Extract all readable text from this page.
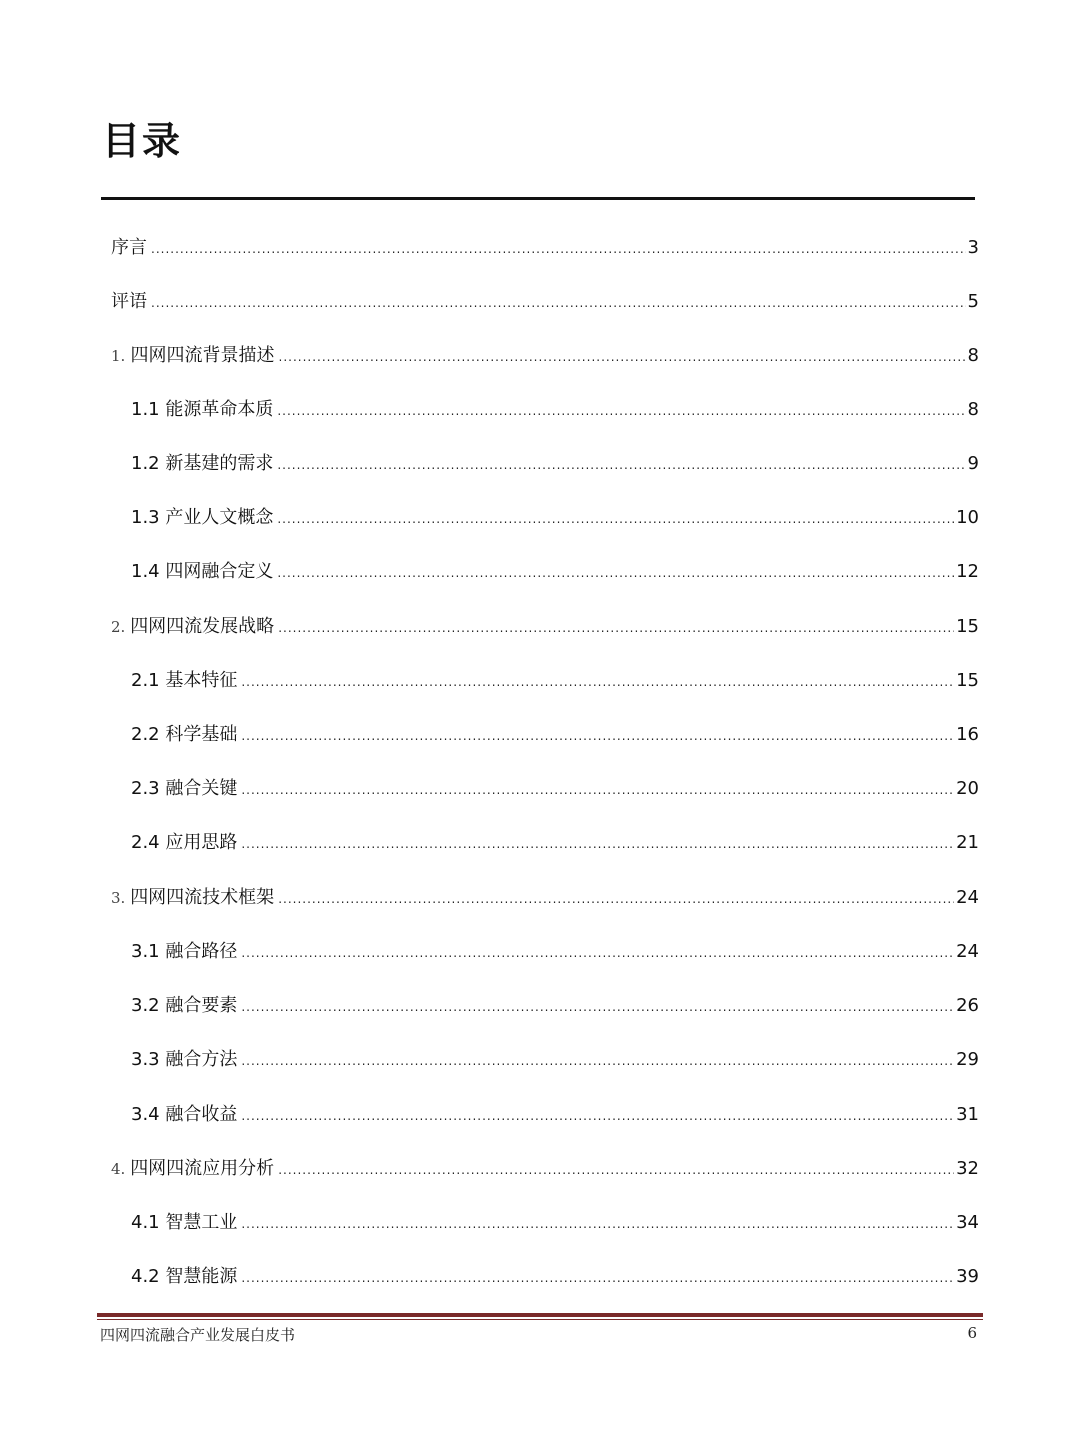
目录
序言 .....	3
评语 .....	5
1. 四网四流背景描述 .....	8
1.1 能源革命本质 .....	8
1.2 新基建的需求 .....	9
1.3 产业人文概念 .....	10
1.4 四网融合定义 .....	12
2. 四网四流发展战略 .....	15
2.1 基本特征 .....	15
2.2 科学基础 .....	16
2.3 融合关键 .....	20
2.4 应用思路 .....	21
3. 四网四流技术框架 .....	24
3.1 融合路径 .....	24
3.2 融合要素 .....	26
3.3 融合方法 .....	29
3.4 融合收益 .....	31
4. 四网四流应用分析 .....	32
4.1 智慧工业 .....	34
4.2 智慧能源 .....	39
四网四流融合产业发展白皮书	6
